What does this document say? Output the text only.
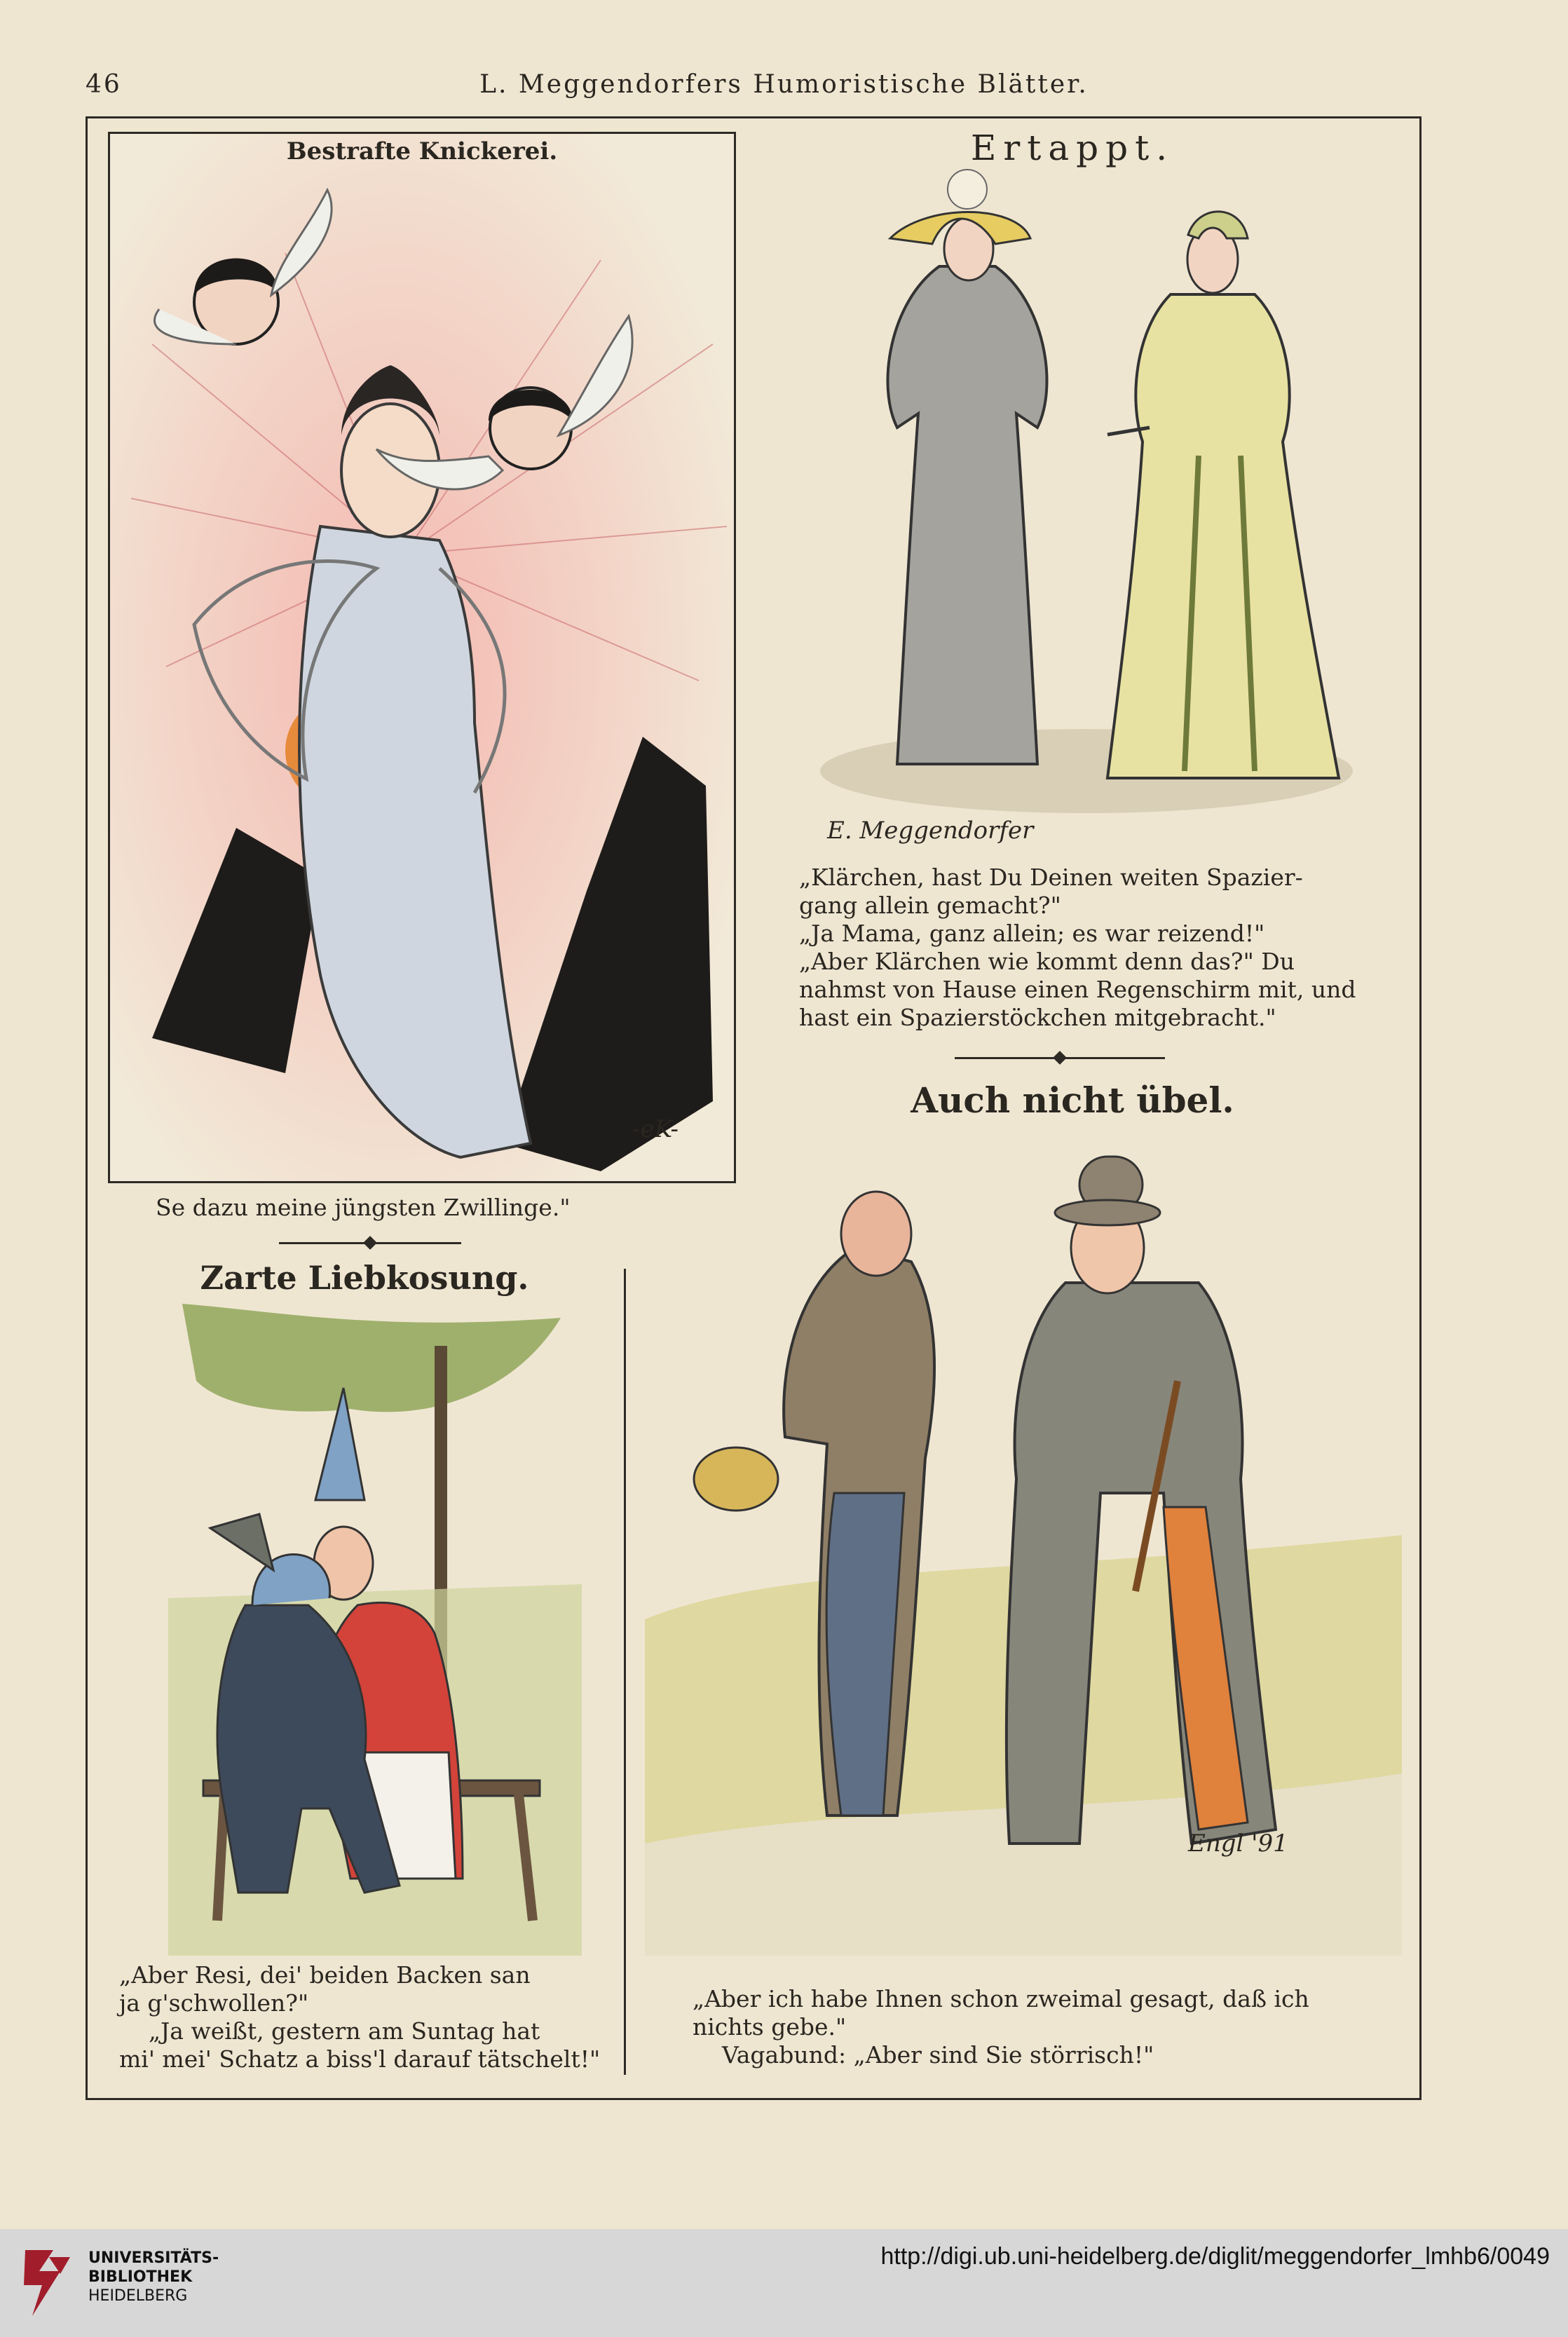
46	L. Meggendorfers Humoristische Blätter.
-eK-
Bestrafte Knickerei.
Se dazu meine jüngsten Zwillinge."
Ertappt.
E. Meggendorfer
„Klärchen, hast Du Deinen weiten Spazier-
gang allein gemacht?"
„Ja Mama, ganz allein; es war reizend!"
„Aber Klärchen wie kommt denn das?" Du
nahmst von Hause einen Regenschirm mit, und
hast ein Spazierstöckchen mitgebracht."
Auch nicht übel.
Engl '91
„Aber ich habe Ihnen schon zweimal gesagt, daß ich
nichts gebe."
Vagabund: „Aber sind Sie störrisch!"
Zarte Liebkosung.
„Aber Resi, dei' beiden Backen san
ja g'schwollen?"
„Ja weißt, gestern am Suntag hat
mi' mei' Schatz a biss'l darauf tätschelt!"
UNIVERSITÄTS-
BIBLIOTHEK
HEIDELBERG
http://digi.ub.uni-heidelberg.de/diglit/meggendorfer_lmhb6/0049
